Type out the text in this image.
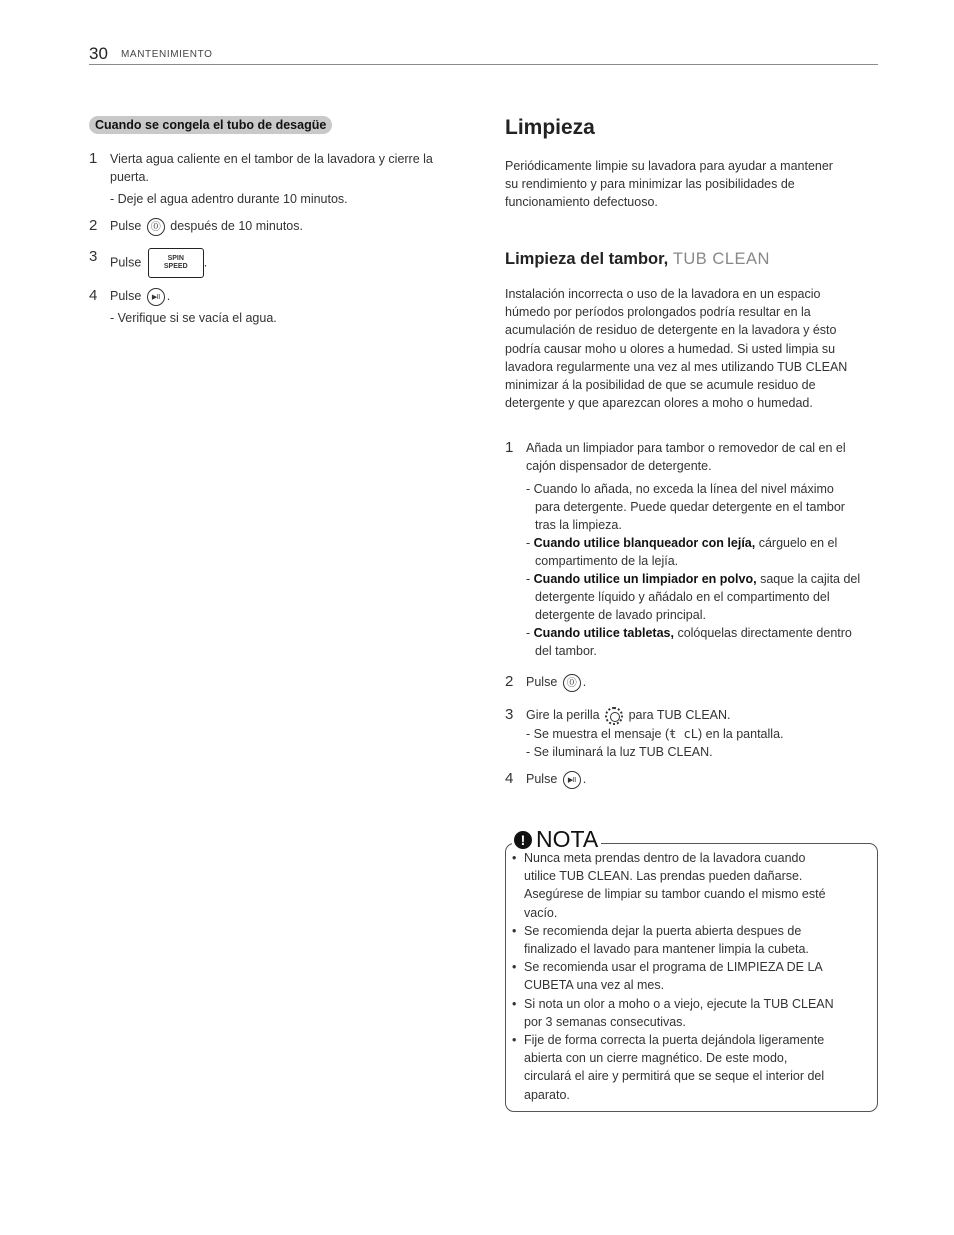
30 MANTENIMIENTO
Cuando se congela el tubo de desagüe
1 Vierta agua caliente en el tambor de la lavadora y cierre la
puerta.
- Deje el agua adentro durante 10 minutos.
2 Pulse ⓪ después de 10 minutos.
3 Pulse	SPIN
SPEED .
4 Pulse ▶II .
- Verifique si se vacía el agua.
Limpieza
Periódicamente limpie su lavadora para ayudar a mantener
su rendimiento y para minimizar las posibilidades de
funcionamiento defectuoso.
Limpieza del tambor, TUB CLEAN
Instalación incorrecta o uso de la lavadora en un espacio
húmedo por períodos prolongados podría resultar en la
acumulación de residuo de detergente en la lavadora y ésto
podría causar moho u olores a humedad. Si usted limpia su
lavadora regularmente una vez al mes utilizando TUB CLEAN
minimizar á la posibilidad de que se acumule residuo de
detergente y que aparezcan olores a moho o humedad.
1 Añada un limpiador para tambor o removedor de cal en el
cajón dispensador de detergente.
- Cuando lo añada, no exceda la línea del nivel máximo
para detergente. Puede quedar detergente en el tambor
tras la limpieza.
- Cuando utilice blanqueador con lejía, cárguelo en el
compartimento de la lejía.
- Cuando utilice un limpiador en polvo, saque la cajita del
detergente líquido y añádalo en el compartimento del
detergente de lavado principal.
- Cuando utilice tabletas, colóquelas directamente dentro
del tambor.
2 Pulse ⓪ .
3 Gire la perilla para TUB CLEAN.
- Se muestra el mensaje (ŧ cL) en la pantalla.
- Se iluminará la luz TUB CLEAN.
4 Pulse ▶II .
! NOTA
• Nunca meta prendas dentro de la lavadora cuando
utilice TUB CLEAN. Las prendas pueden dañarse.
Asegúrese de limpiar su tambor cuando el mismo esté
vacío.
• Se recomienda dejar la puerta abierta despues de
finalizado el lavado para mantener limpia la cubeta.
• Se recomienda usar el programa de LIMPIEZA DE LA
CUBETA una vez al mes.
• Si nota un olor a moho o a viejo, ejecute la TUB CLEAN
por 3 semanas consecutivas.
• Fije de forma correcta la puerta dejándola ligeramente
abierta con un cierre magnético. De este modo,
circulará el aire y permitirá que se seque el interior del
aparato.
